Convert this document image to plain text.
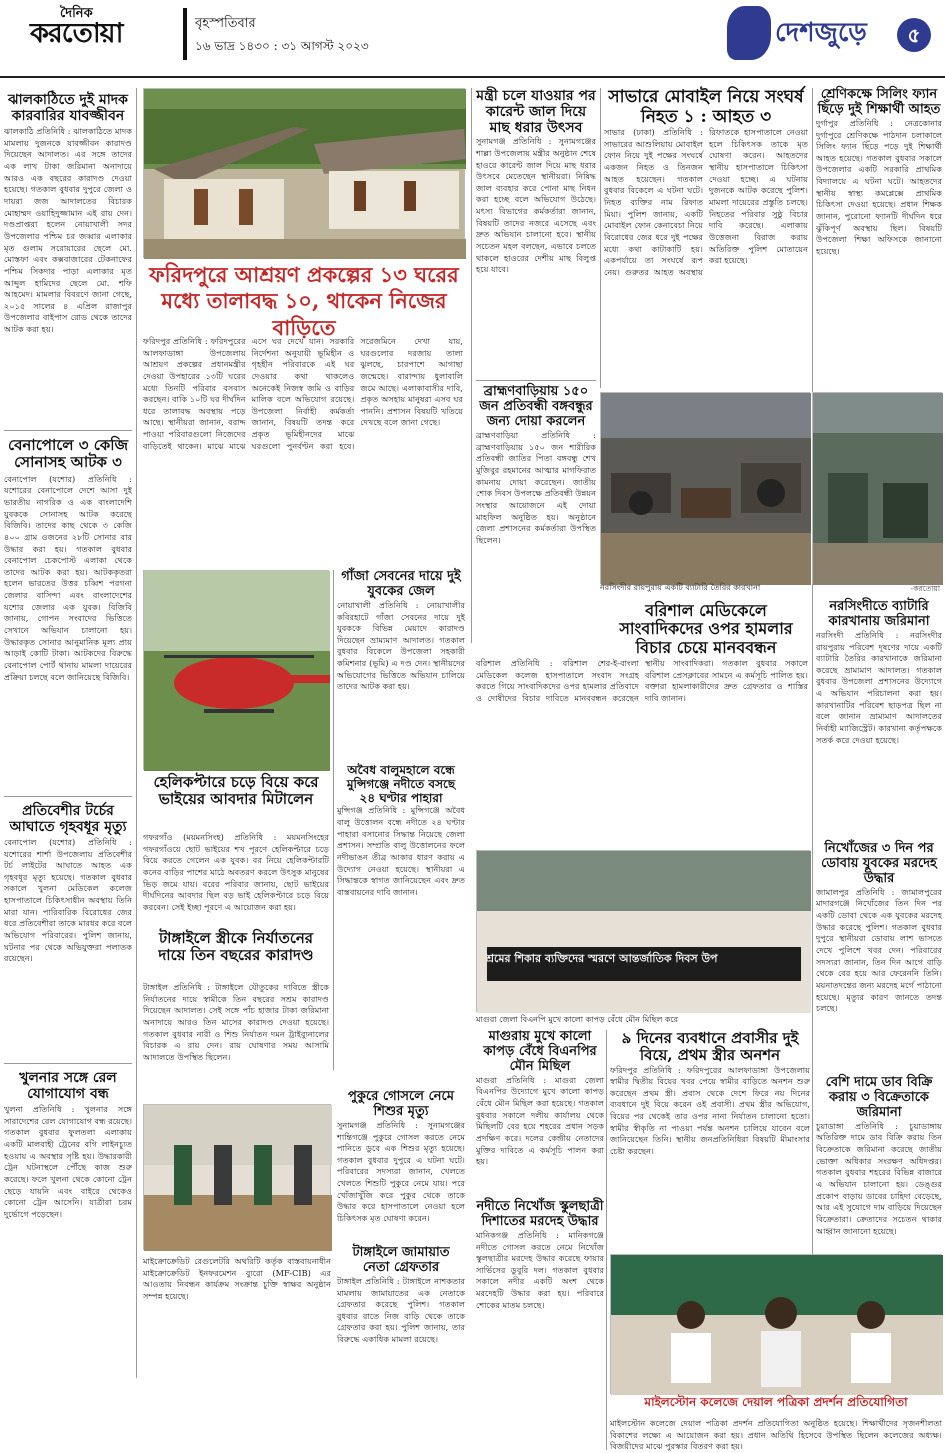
দৈনিক
করতোয়া	বৃহস্পতিবার
১৬ ভাদ্র ১৪৩০ : ৩১ আগস্ট ২০২৩	দেশজুড়ে	৫
ঝালকাঠিতে দুই মাদক কারবারির যাবজ্জীবন
ঝালকাঠি প্রতিনিধি : ঝালকাঠিতে মাদক মামলায় দুজনকে যাবজ্জীবন কারাদণ্ড দিয়েছেন আদালত। এর সঙ্গে তাদের এক লাখ টাকা জরিমানা অনাদায়ে আরও এক বছরের কারাদণ্ড দেওয়া হয়েছে। গতকাল বুধবার দুপুরে জেলা ও দায়রা জজ আদালতের বিচারক মোহাম্মদ ওয়াহিদুজ্জামান এই রায় দেন। দণ্ডপ্রাপ্তরা হলেন নোয়াখালী সদর উপজেলার পশ্চিম চর জব্বার এলাকার মৃত গুলাম সরোয়ারের ছেলে মো. মোস্তফা এবং কক্সবাজারের টেকনাফের পশ্চিম সিকদার পাড়া এলাকার মৃত আব্দুল হামিদের ছেলে মো. শফি আহমেদ। মামলার বিবরণে জানা গেছে, ২০১৫ সালের ৪ এপ্রিল রাজাপুর উপজেলার বাইপাস রোড থেকে তাদের আটক করা হয়।
বেনাপোলে ৩ কেজি সোনাসহ আটক ৩
বেনাপোল (যশোর) প্রতিনিধি : যশোরের বেনাপোলে দেশে আসা দুই ভারতীয় নাগরিক ও এক বাংলাদেশি যুবককে সোনাসহ আটক করেছে বিজিবি। তাদের কাছ থেকে ৩ কেজি ৪০০ গ্রাম ওজনের ২৮টি সোনার বার উদ্ধার করা হয়। গতকাল বুধবার বেনাপোল চেকপোস্ট এলাকা থেকে তাদের আটক করা হয়। আটককৃতরা হলেন ভারতের উত্তর চব্বিশ পরগনা জেলার বাসিন্দা এবং বাংলাদেশের যশোর জেলার এক যুবক। বিজিবি জানায়, গোপন সংবাদের ভিত্তিতে সেখানে অভিযান চালানো হয়। উদ্ধারকৃত সোনার আনুমানিক মূল্য প্রায় আড়াই কোটি টাকা। আটকদের বিরুদ্ধে বেনাপোল পোর্ট থানায় মামলা দায়েরের প্রক্রিয়া চলছে বলে জানিয়েছে বিজিবি।
প্রতিবেশীর টর্চের আঘাতে গৃহবধূর মৃত্যু
বেনাপোল (যশোর) প্রতিনিধি : যশোরের শার্শা উপজেলায় প্রতিবেশীর টর্চ লাইটের আঘাতে আহত এক গৃহবধূর মৃত্যু হয়েছে। গতকাল বুধবার সকালে খুলনা মেডিকেল কলেজ হাসপাতালে চিকিৎসাধীন অবস্থায় তিনি মারা যান। পারিবারিক বিরোধের জের ধরে প্রতিবেশীরা তাকে মারধর করে বলে অভিযোগ পরিবারের। পুলিশ জানায়, ঘটনার পর থেকে অভিযুক্তরা পলাতক রয়েছেন।
খুলনার সঙ্গে রেল যোগাযোগ বন্ধ
খুলনা প্রতিনিধি : খুলনার সঙ্গে সারাদেশের রেল যোগাযোগ বন্ধ রয়েছে। গতকাল বুধবার ফুলতলা এলাকায় একটি মালবাহী ট্রেনের বগি লাইনচ্যুত হওয়ায় এ অবস্থার সৃষ্টি হয়। উদ্ধারকারী ট্রেন ঘটনাস্থলে পৌঁছে কাজ শুরু করেছে। ফলে খুলনা থেকে কোনো ট্রেন ছেড়ে যায়নি এবং বাইরে থেকেও কোনো ট্রেন আসেনি। যাত্রীরা চরম দুর্ভোগে পড়েছেন।
ফরিদপুরে আশ্রয়ণ প্রকল্পের ১৩ ঘরের মধ্যে তালাবদ্ধ ১০, থাকেন নিজের বাড়িতে
ফরিদপুর প্রতিনিধি : ফরিদপুরের আলফাডাঙ্গা উপজেলায় আশ্রয়ণ প্রকল্পের প্রধানমন্ত্রীর দেওয়া উপহারের ১৩টি ঘরের মধ্যে তিনটি পরিবার বসবাস করছেন। বাকি ১০টি ঘর দীর্ঘদিন ধরে তালাবদ্ধ অবস্থায় পড়ে আছে। স্থানীয়রা জানান, বরাদ্দ পাওয়া পরিবারগুলো নিজেদের বাড়িতেই থাকেন। মাঝে মাঝে এসে ঘর দেখে যান। সরকারি নির্দেশনা অনুযায়ী ভূমিহীন ও গৃহহীন পরিবারকে এই ঘর দেওয়ার কথা থাকলেও অনেকেই নিজস্ব জমি ও বাড়ির মালিক বলে অভিযোগ রয়েছে। উপজেলা নির্বাহী কর্মকর্তা জানান, বিষয়টি তদন্ত করে প্রকৃত ভূমিহীনদের মাঝে ঘরগুলো পুনর্বণ্টন করা হবে। সরেজমিনে দেখা যায়, ঘরগুলোর দরজায় তালা ঝুলছে, চারপাশে আগাছা জন্মেছে। বারান্দায় ধুলাবালি জমে আছে। এলাকাবাসীর দাবি, প্রকৃত অসহায় মানুষরা এসব ঘর পাননি। প্রশাসন বিষয়টি খতিয়ে দেখছে বলে জানা গেছে।
মন্ত্রী চলে যাওয়ার পর কারেন্ট জাল দিয়ে মাছ ধরার উৎসব
সুনামগঞ্জ প্রতিনিধি : সুনামগঞ্জের শাল্লা উপজেলায় মন্ত্রীর অনুষ্ঠান শেষে হাওরে কারেন্ট জাল দিয়ে মাছ ধরার উৎসবে মেতেছেন স্থানীয়রা। নিষিদ্ধ জাল ব্যবহার করে পোনা মাছ নিধন করা হচ্ছে বলে অভিযোগ উঠেছে। মৎস্য বিভাগের কর্মকর্তারা জানান, বিষয়টি তাদের নজরে এসেছে এবং দ্রুত অভিযান চালানো হবে। স্থানীয় সচেতন মহল বলছেন, এভাবে চলতে থাকলে হাওরের দেশীয় মাছ বিলুপ্ত হয়ে যাবে।
ব্রাহ্মণবাড়িয়ায় ১৫০ জন প্রতিবন্ধী বঙ্গবন্ধুর জন্য দোয়া করলেন
ব্রাহ্মণবাড়িয়া প্রতিনিধি : ব্রাহ্মণবাড়িয়ায় ১৫০ জন শারীরিক প্রতিবন্ধী জাতির পিতা বঙ্গবন্ধু শেখ মুজিবুর রহমানের আত্মার মাগফিরাত কামনায় দোয়া করেছেন। জাতীয় শোক দিবস উপলক্ষে প্রতিবন্ধী উন্নয়ন সংস্থার আয়োজনে এই দোয়া মাহফিল অনুষ্ঠিত হয়। অনুষ্ঠানে জেলা প্রশাসনের কর্মকর্তারা উপস্থিত ছিলেন।
সাভারে মোবাইল নিয়ে সংঘর্ষ নিহত ১ : আহত ৩
সাভার (ঢাকা) প্রতিনিধি : সাভারের আশুলিয়ায় মোবাইল ফোন নিয়ে দুই পক্ষের সংঘর্ষে একজন নিহত ও তিনজন আহত হয়েছেন। গতকাল বুধবার বিকেলে এ ঘটনা ঘটে। নিহত ব্যক্তির নাম রিফাত মিয়া। পুলিশ জানায়, একটি মোবাইল ফোন কেনাবেচা নিয়ে বিরোধের জের ধরে দুই পক্ষের মধ্যে কথা কাটাকাটি হয়। একপর্যায়ে তা সংঘর্ষে রূপ নেয়। গুরুতর আহত অবস্থায় রিফাতকে হাসপাতালে নেওয়া হলে চিকিৎসক তাকে মৃত ঘোষণা করেন। আহতদের স্থানীয় হাসপাতালে চিকিৎসা দেওয়া হচ্ছে। এ ঘটনায় দুজনকে আটক করেছে পুলিশ। মামলা দায়েরের প্রস্তুতি চলছে। নিহতের পরিবার সুষ্ঠু বিচার দাবি করেছে। এলাকায় উত্তেজনা বিরাজ করায় অতিরিক্ত পুলিশ মোতায়েন করা হয়েছে।
শ্রেণিকক্ষে সিলিং ফ্যান ছিঁড়ে দুই শিক্ষার্থী আহত
দুর্গাপুর প্রতিনিধি : নেত্রকোনার দুর্গাপুরে শ্রেণিকক্ষে পাঠদান চলাকালে সিলিং ফ্যান ছিঁড়ে পড়ে দুই শিক্ষার্থী আহত হয়েছে। গতকাল বুধবার সকালে উপজেলার একটি সরকারি প্রাথমিক বিদ্যালয়ে এ ঘটনা ঘটে। আহতদের স্থানীয় স্বাস্থ্য কমপ্লেক্সে প্রাথমিক চিকিৎসা দেওয়া হয়েছে। প্রধান শিক্ষক জানান, পুরোনো ফ্যানটি দীর্ঘদিন ধরে ঝুঁকিপূর্ণ অবস্থায় ছিল। বিষয়টি উপজেলা শিক্ষা অফিসকে জানানো হয়েছে।
-করতোয়া
নরসিংদীর রায়পুরায় একটি ব্যাটারি তৈরির কারখানা
বরিশাল মেডিকেলে সাংবাদিকদের ওপর হামলার বিচার চেয়ে মানববন্ধন
বরিশাল প্রতিনিধি : বরিশাল শের-ই-বাংলা মেডিকেল কলেজ হাসপাতালে সংবাদ সংগ্রহ করতে গিয়ে সাংবাদিকদের ওপর হামলার প্রতিবাদে ও দোষীদের বিচার দাবিতে মানববন্ধন করেছেন স্থানীয় সাংবাদিকরা। গতকাল বুধবার সকালে বরিশাল প্রেসক্লাবের সামনে এ কর্মসূচি পালিত হয়। বক্তারা হামলাকারীদের দ্রুত গ্রেফতার ও শাস্তির দাবি জানান।
গাঁজা সেবনের দায়ে দুই যুবকের জেল
নোয়াখালী প্রতিনিধি : নোয়াখালীর কবিরহাটে গাঁজা সেবনের দায়ে দুই যুবককে বিভিন্ন মেয়াদে কারাদণ্ড দিয়েছেন ভ্রাম্যমাণ আদালত। গতকাল বুধবার বিকেলে উপজেলা সহকারী কমিশনার (ভূমি) এ দণ্ড দেন। স্থানীয়দের অভিযোগের ভিত্তিতে অভিযান চালিয়ে তাদের আটক করা হয়।
হেলিকপ্টারে চড়ে বিয়ে করে ভাইয়ের আবদার মিটালেন
গফরগাঁও (ময়মনসিংহ) প্রতিনিধি : ময়মনসিংহের গফরগাঁওয়ে ছোট ভাইয়ের শখ পূরণে হেলিকপ্টারে চড়ে বিয়ে করতে গেলেন এক যুবক। বর নিয়ে হেলিকপ্টারটি কনের বাড়ির পাশের মাঠে অবতরণ করলে উৎসুক মানুষের ভিড় জমে যায়। বরের পরিবার জানায়, ছোট ভাইয়ের দীর্ঘদিনের আবদার ছিল বড় ভাই হেলিকপ্টারে চড়ে বিয়ে করবেন। সেই ইচ্ছা পূরণে এ আয়োজন করা হয়।
অবৈধ বালুমহালে বন্ধে মুন্সিগঞ্জে নদীতে বসছে ২৪ ঘণ্টার পাহারা
মুন্সিগঞ্জ প্রতিনিধি : মুন্সিগঞ্জে অবৈধ বালু উত্তোলন বন্ধে নদীতে ২৪ ঘণ্টার পাহারা বসানোর সিদ্ধান্ত নিয়েছে জেলা প্রশাসন। সম্প্রতি বালু উত্তোলনের ফলে নদীভাঙন তীব্র আকার ধারণ করায় এ উদ্যোগ নেওয়া হয়েছে। স্থানীয়রা এ সিদ্ধান্তকে স্বাগত জানিয়েছেন এবং দ্রুত বাস্তবায়নের দাবি জানান।
টাঙ্গাইলে স্ত্রীকে নির্যাতনের দায়ে তিন বছরের কারাদণ্ড
টাঙ্গাইল প্রতিনিধি : টাঙ্গাইলে যৌতুকের দাবিতে স্ত্রীকে নির্যাতনের দায়ে স্বামীকে তিন বছরের সশ্রম কারাদণ্ড দিয়েছেন আদালত। সেই সঙ্গে পাঁচ হাজার টাকা জরিমানা অনাদায়ে আরও তিন মাসের কারাদণ্ড দেওয়া হয়েছে। গতকাল বুধবার নারী ও শিশু নির্যাতন দমন ট্রাইব্যুনালের বিচারক এ রায় দেন। রায় ঘোষণার সময় আসামি আদালতে উপস্থিত ছিলেন।
শ্রমের শিকার ব্যক্তিদের স্মরণে আন্তর্জাতিক দিবস উপ
মাগুরা জেলা বিএনপি মুখে কালো কাপড় বেঁধে মৌন মিছিল করে
মাগুরায় মুখে কালো কাপড় বেঁধে বিএনপির মৌন মিছিল
মাগুরা প্রতিনিধি : মাগুরা জেলা বিএনপির উদ্যোগে মুখে কালো কাপড় বেঁধে মৌন মিছিল করা হয়েছে। গতকাল বুধবার সকালে দলীয় কার্যালয় থেকে মিছিলটি বের হয়ে শহরের প্রধান সড়ক প্রদক্ষিণ করে। দলের কেন্দ্রীয় নেতাদের মুক্তির দাবিতে এ কর্মসূচি পালন করা হয়।
৯ দিনের ব্যবধানে প্রবাসীর দুই বিয়ে, প্রথম স্ত্রীর অনশন
ফরিদপুর প্রতিনিধি : ফরিদপুরের আলফাডাঙ্গা উপজেলায় স্বামীর দ্বিতীয় বিয়ের খবর পেয়ে স্বামীর বাড়িতে অনশন শুরু করেছেন প্রথম স্ত্রী। প্রবাস থেকে দেশে ফিরে নয় দিনের ব্যবধানে দুই বিয়ে করেন ওই প্রবাসী। প্রথম স্ত্রীর অভিযোগ, বিয়ের পর থেকেই তার ওপর নানা নির্যাতন চালানো হতো। স্বামীর স্বীকৃতি না পাওয়া পর্যন্ত অনশন চালিয়ে যাবেন বলে জানিয়েছেন তিনি। স্থানীয় জনপ্রতিনিধিরা বিষয়টি মীমাংসার চেষ্টা করছেন।
পুকুরে গোসলে নেমে শিশুর মৃত্যু
সুনামগঞ্জ প্রতিনিধি : সুনামগঞ্জের শান্তিগঞ্জে পুকুরে গোসল করতে নেমে পানিতে ডুবে এক শিশুর মৃত্যু হয়েছে। গতকাল বুধবার দুপুরে এ ঘটনা ঘটে। পরিবারের সদস্যরা জানান, খেলতে খেলতে শিশুটি পুকুরে নেমে যায়। পরে খোঁজাখুঁজি করে পুকুর থেকে তাকে উদ্ধার করে হাসপাতালে নেওয়া হলে চিকিৎসক মৃত ঘোষণা করেন।
নদীতে নিখোঁজ স্কুলছাত্রী দিশাতের মরদেহ উদ্ধার
মানিকগঞ্জ প্রতিনিধি : মানিকগঞ্জে নদীতে গোসল করতে নেমে নিখোঁজ স্কুলছাত্রীর মরদেহ উদ্ধার করেছে ফায়ার সার্ভিসের ডুবুরি দল। গতকাল বুধবার সকালে নদীর একটি অংশ থেকে মরদেহটি উদ্ধার করা হয়। পরিবারে শোকের মাতম চলছে।
টাঙ্গাইলে জামায়াত নেতা গ্রেফতার
টাঙ্গাইল প্রতিনিধি : টাঙ্গাইলে নাশকতার মামলায় জামায়াতের এক নেতাকে গ্রেফতার করেছে পুলিশ। গতকাল বুধবার রাতে নিজ বাড়ি থেকে তাকে গ্রেফতার করা হয়। পুলিশ জানায়, তার বিরুদ্ধে একাধিক মামলা রয়েছে।
মাইক্রোক্রেডিট রেগুলেটরি অথরিটি কর্তৃক বাস্তবায়নাধীন মাইক্রোক্রেডিট ইনফরমেশন ব্যুরো (MF-CIB) এর আওতায় নিবন্ধন কার্যক্রম সংক্রান্ত চুক্তি স্বাক্ষর অনুষ্ঠান সম্পন্ন হয়েছে।
নরসিংদীতে ব্যাটারি কারখানায় জরিমানা
নরসিংদী প্রতিনিধি : নরসিংদীর রায়পুরায় পরিবেশ দূষণের দায়ে একটি ব্যাটারি তৈরির কারখানাকে জরিমানা করেছে ভ্রাম্যমাণ আদালত। গতকাল বুধবার উপজেলা প্রশাসনের উদ্যোগে এ অভিযান পরিচালনা করা হয়। কারখানাটির পরিবেশ ছাড়পত্র ছিল না বলে জানান ভ্রাম্যমাণ আদালতের নির্বাহী ম্যাজিস্ট্রেট। কারখানা কর্তৃপক্ষকে সতর্ক করে দেওয়া হয়েছে।
নিখোঁজের ৩ দিন পর ডোবায় যুবকের মরদেহ উদ্ধার
জামালপুর প্রতিনিধি : জামালপুরের মাদারগঞ্জে নিখোঁজের তিন দিন পর একটি ডোবা থেকে এক যুবকের মরদেহ উদ্ধার করেছে পুলিশ। গতকাল বুধবার দুপুরে স্থানীয়রা ডোবায় লাশ ভাসতে দেখে পুলিশে খবর দেন। পরিবারের সদস্যরা জানান, তিন দিন আগে বাড়ি থেকে বের হয়ে আর ফেরেননি তিনি। ময়নাতদন্তের জন্য মরদেহ মর্গে পাঠানো হয়েছে। মৃত্যুর কারণ জানতে তদন্ত চলছে।
বেশি দামে ডাব বিক্রি করায় ৩ বিক্রেতাকে জরিমানা
চুয়াডাঙ্গা প্রতিনিধি : চুয়াডাঙ্গায় অতিরিক্ত দামে ডাব বিক্রি করায় তিন বিক্রেতাকে জরিমানা করেছে জাতীয় ভোক্তা অধিকার সংরক্ষণ অধিদপ্তর। গতকাল বুধবার শহরের বিভিন্ন বাজারে এ অভিযান চালানো হয়। ডেঙ্গুর প্রকোপ বাড়ায় ডাবের চাহিদা বেড়েছে, আর এই সুযোগে দাম বাড়িয়ে দিয়েছেন বিক্রেতারা। ক্রেতাদের সচেতন থাকার আহ্বান জানানো হয়েছে।
মাইলস্টোন কলেজে দেয়াল পত্রিকা প্রদর্শন প্রতিযোগিতা
মাইলস্টোন কলেজে দেয়াল পত্রিকা প্রদর্শন প্রতিযোগিতা অনুষ্ঠিত হয়েছে। শিক্ষার্থীদের সৃজনশীলতা বিকাশের লক্ষ্যে এ আয়োজন করা হয়। প্রধান অতিথি হিসেবে উপস্থিত ছিলেন কলেজের অধ্যক্ষ। বিজয়ীদের মাঝে পুরস্কার বিতরণ করা হয়।
